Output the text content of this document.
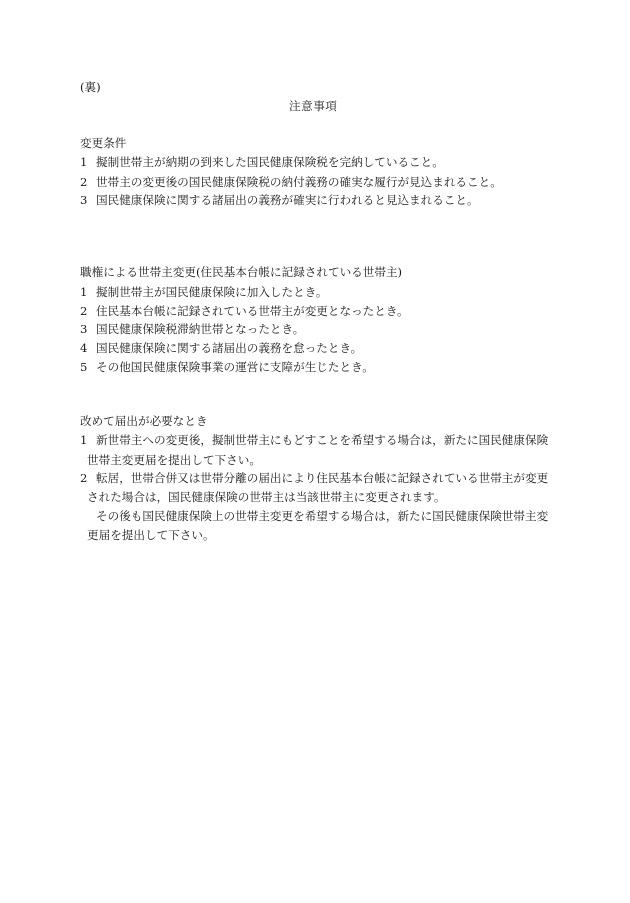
(裏)
注意事項
変更条件
1 擬制世帯主が納期の到来した国民健康保険税を完納していること。
2 世帯主の変更後の国民健康保険税の納付義務の確実な履行が見込まれること。
3 国民健康保険に関する諸届出の義務が確実に行われると見込まれること。
職権による世帯主変更(住民基本台帳に記録されている世帯主)
1 擬制世帯主が国民健康保険に加入したとき。
2 住民基本台帳に記録されている世帯主が変更となったとき。
3 国民健康保険税滞納世帯となったとき。
4 国民健康保険に関する諸届出の義務を怠ったとき。
5 その他国民健康保険事業の運営に支障が生じたとき。
改めて届出が必要なとき
1 新世帯主への変更後，擬制世帯主にもどすことを希望する場合は，新たに国民健康保険
世帯主変更届を提出して下さい。
2 転居，世帯合併又は世帯分離の届出により住民基本台帳に記録されている世帯主が変更
された場合は，国民健康保険の世帯主は当該世帯主に変更されます。
その後も国民健康保険上の世帯主変更を希望する場合は，新たに国民健康保険世帯主変
更届を提出して下さい。
